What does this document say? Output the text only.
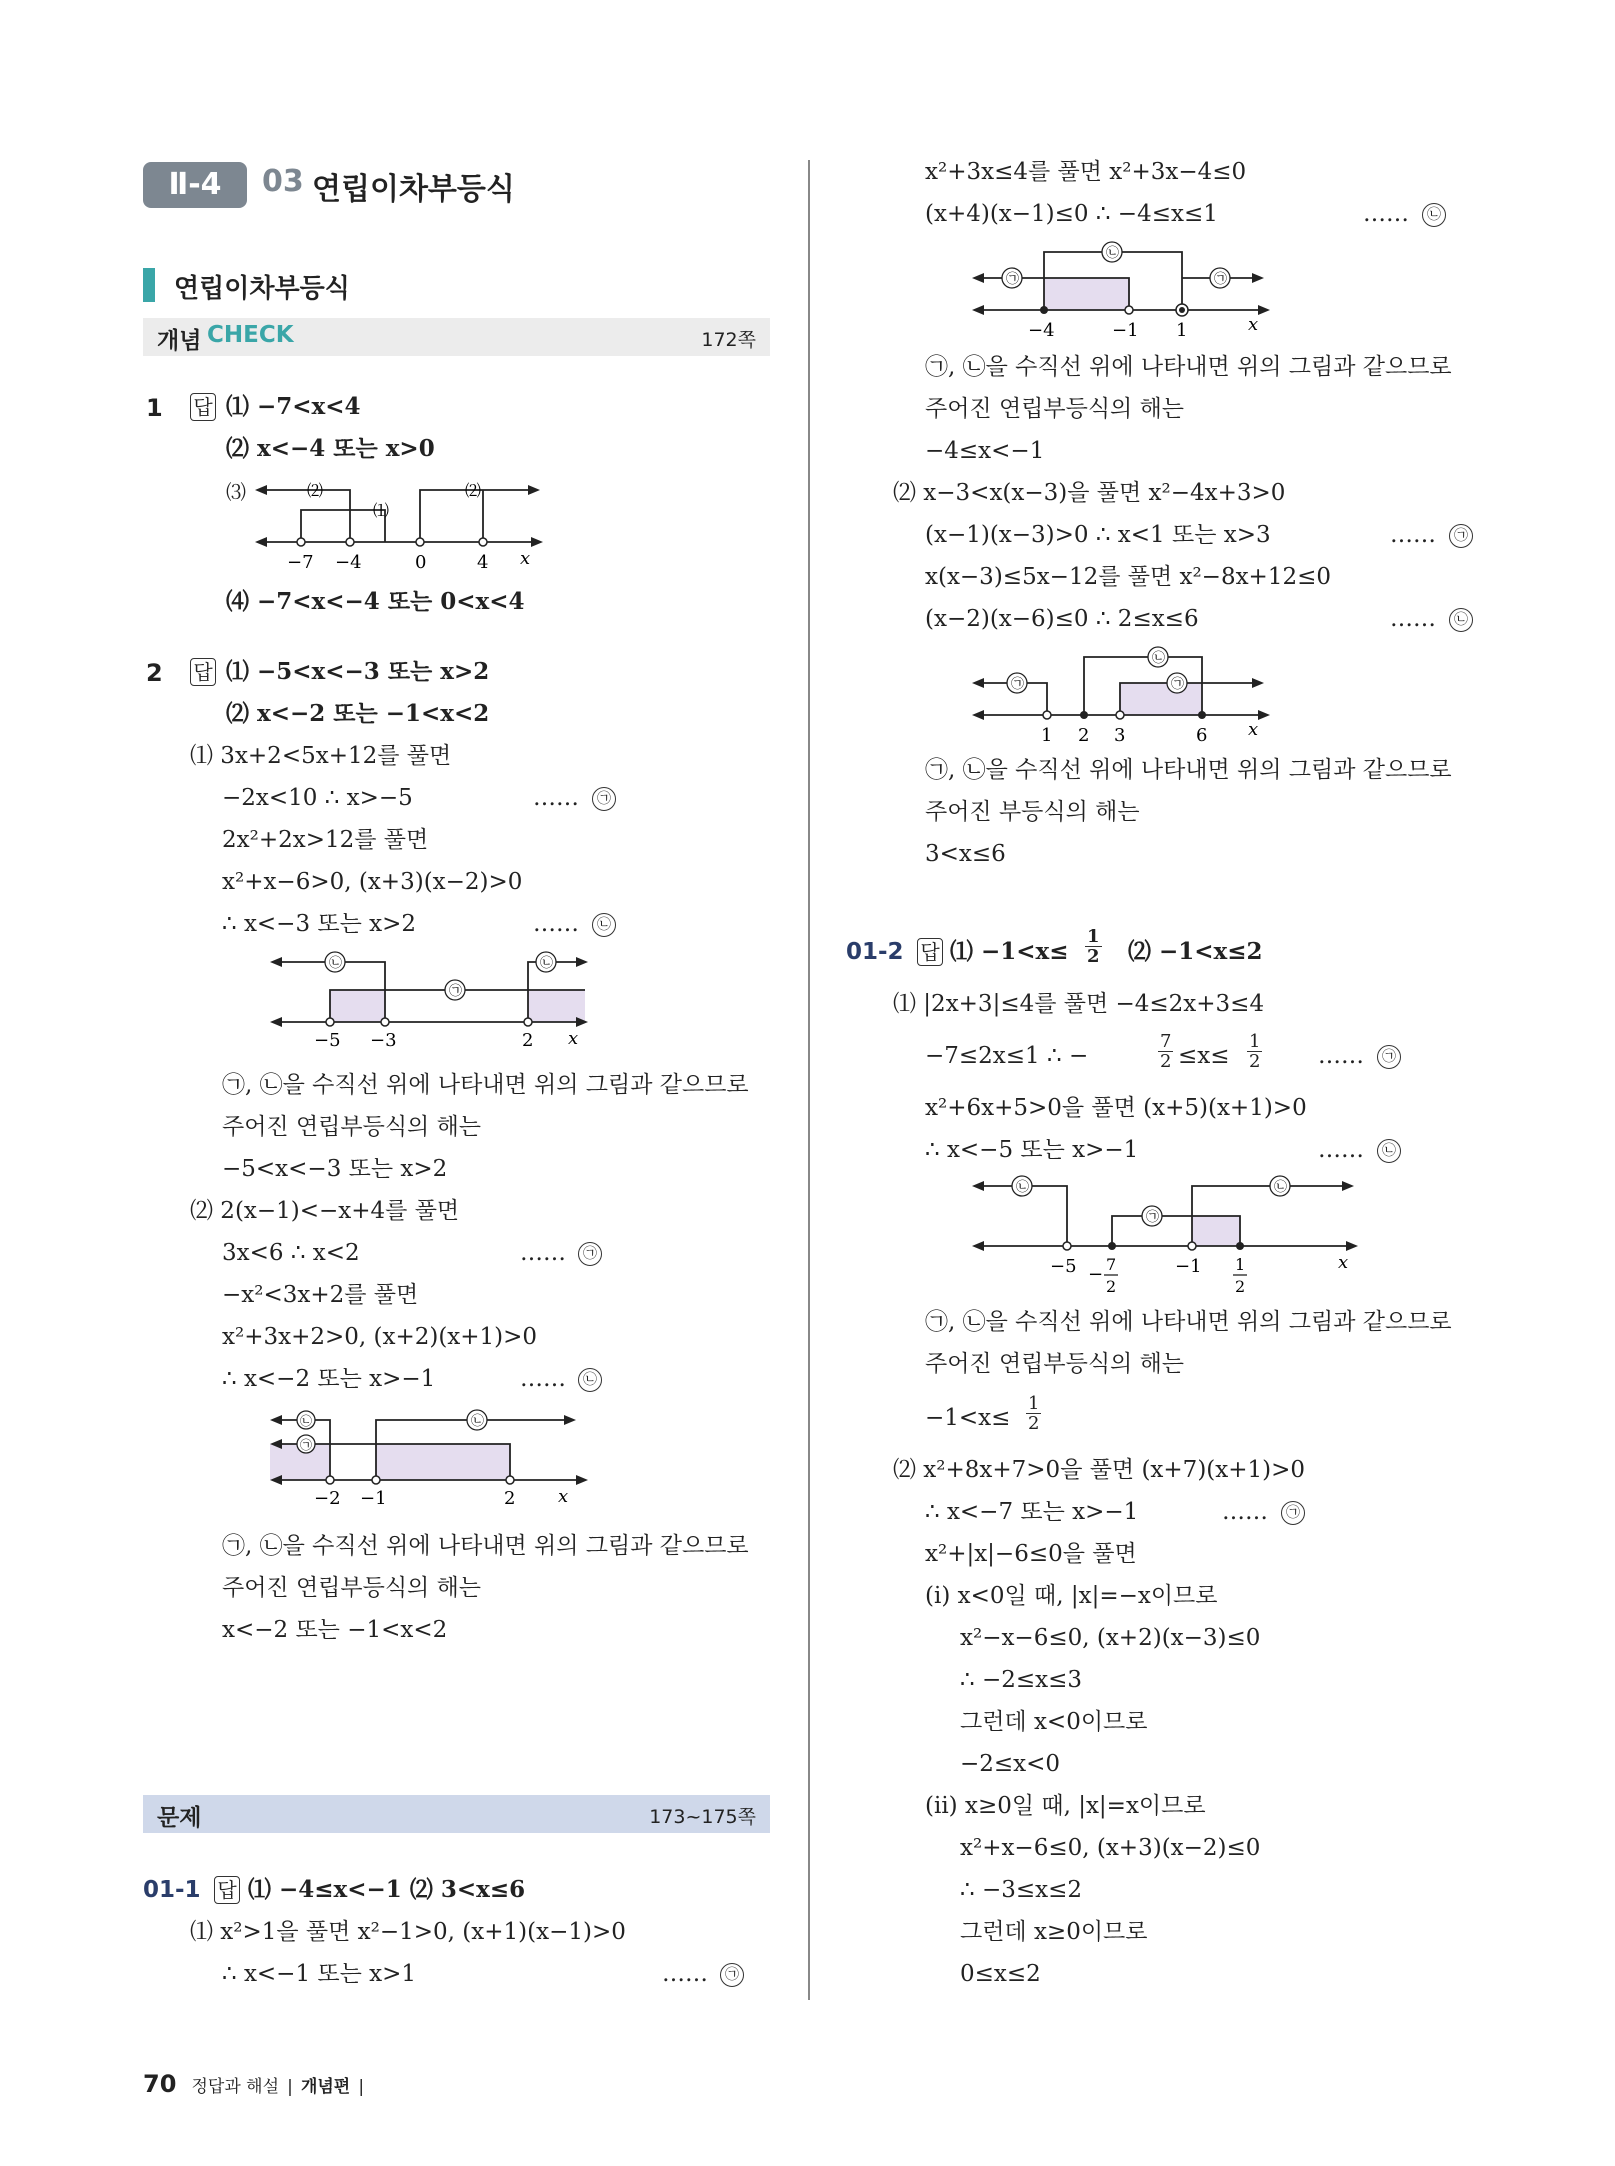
Ⅱ-4	03 연립이차부등식
연립이차부등식
개념 CHECK	172쪽
1 답 ⑴ −7<x<4
⑵ x<−4 또는 x>0
⑶	⑵
⑴
⑵
−7 −4	0	4 x
⑷ −7<x<−4 또는 0<x<4
2 답 ⑴ −5<x<−3 또는 x>2
⑵ x<−2 또는 −1<x<2
⑴ 3x+2<5x+12를 풀면
−2x<10 ∴ x>−5	……	㉠
2x²+2x>12를 풀면
x²+x−6>0, (x+3)(x−2)>0
∴ x<−3 또는 x>2	……	㉡
㉡
㉠
㉡
−5 −3	2 x
㉠, ㉡을 수직선 위에 나타내면 위의 그림과 같으므로
주어진 연립부등식의 해는
−5<x<−3 또는 x>2
⑵ 2(x−1)<−x+4를 풀면
3x<6 ∴ x<2	……	㉠
−x²<3x+2를 풀면
x²+3x+2>0, (x+2)(x+1)>0
∴ x<−2 또는 x>−1	……	㉡
㉡
㉠
㉡
−2 −1	2 x
㉠, ㉡을 수직선 위에 나타내면 위의 그림과 같으므로
주어진 연립부등식의 해는
x<−2 또는 −1<x<2
문제	173~175쪽
01-1 답 ⑴ −4≤x<−1 ⑵ 3<x≤6
⑴ x²>1을 풀면 x²−1>0, (x+1)(x−1)>0
∴ x<−1 또는 x>1	……	㉠
x²+3x≤4를 풀면 x²+3x−4≤0
(x+4)(x−1)≤0 ∴ −4≤x≤1	……	㉡
㉠
㉡
㉠
−4	−1 1	x
㉠, ㉡을 수직선 위에 나타내면 위의 그림과 같으므로
주어진 연립부등식의 해는
−4≤x<−1
⑵ x−3<x(x−3)을 풀면 x²−4x+3>0
(x−1)(x−3)>0 ∴ x<1 또는 x>3	……	㉠
x(x−3)≤5x−12를 풀면 x²−8x+12≤0
(x−2)(x−6)≤0 ∴ 2≤x≤6	……	㉡
㉠
㉡
㉠
1 2 3	6 x
㉠, ㉡을 수직선 위에 나타내면 위의 그림과 같으므로
주어진 부등식의 해는
3<x≤6
01-2 답 ⑴ $-1<x\le \frac{1}{2}$ ⑵ −1<x≤2
⑴ |2x+3|≤4를 풀면 −4≤2x+3≤4
−7≤2x≤1 ∴ −	$\frac{7}{2} \le x\le \frac{1}{2}$ ……	㉠
x²+6x+5>0을 풀면 (x+5)(x+1)>0
∴ x<−5 또는 x>−1	……	㉡
㉡
㉠
㉡
−5 − 7
2
−1 1
2
x
㉠, ㉡을 수직선 위에 나타내면 위의 그림과 같으므로
주어진 연립부등식의 해는
$-1<x\le \frac{1}{2}$
⑵ x²+8x+7>0을 풀면 (x+7)(x+1)>0
∴ x<−7 또는 x>−1	……	㉠
x²+|x|−6≤0을 풀면
(ⅰ) x<0일 때, |x|=−x이므로
x²−x−6≤0, (x+2)(x−3)≤0
∴ −2≤x≤3
그런데 x<0이므로
−2≤x<0
(ⅱ) x≥0일 때, |x|=x이므로
x²+x−6≤0, (x+3)(x−2)≤0
∴ −3≤x≤2
그런데 x≥0이므로
0≤x≤2
70 정답과 해설 | 개념편 |
